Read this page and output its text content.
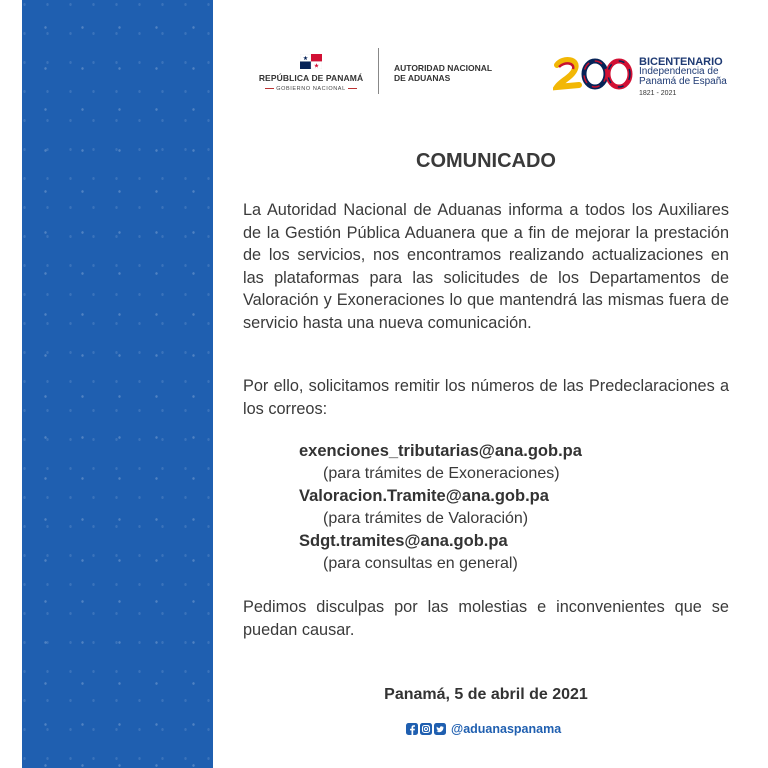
REPÚBLICA DE PANAMÁ
GOBIERNO NACIONAL
AUTORIDAD NACIONAL
DE ADUANAS
BICENTENARIO
Independencia de
Panamá de España
1821 - 2021
COMUNICADO

La Autoridad Nacional de Aduanas informa a todos los Auxiliares de la Gestión Pública Aduanera que a fin de mejorar la prestación de los servicios, nos encontramos realizando actualizaciones en las plataformas para las solicitudes de los Departamentos de Valoración y Exoneraciones lo que mantendrá las mismas fuera de servicio hasta una nueva comunicación.

Por ello, solicitamos remitir los números de las Predeclaraciones a los correos:

exenciones_tributarias@ana.gob.pa
(para trámites de Exoneraciones)
Valoracion.Tramite@ana.gob.pa
(para trámites de Valoración)
Sdgt.tramites@ana.gob.pa
(para consultas en general)

Pedimos disculpas por las molestias e inconvenientes que se puedan causar.

Panamá, 5 de abril de 2021
@aduanaspanama
